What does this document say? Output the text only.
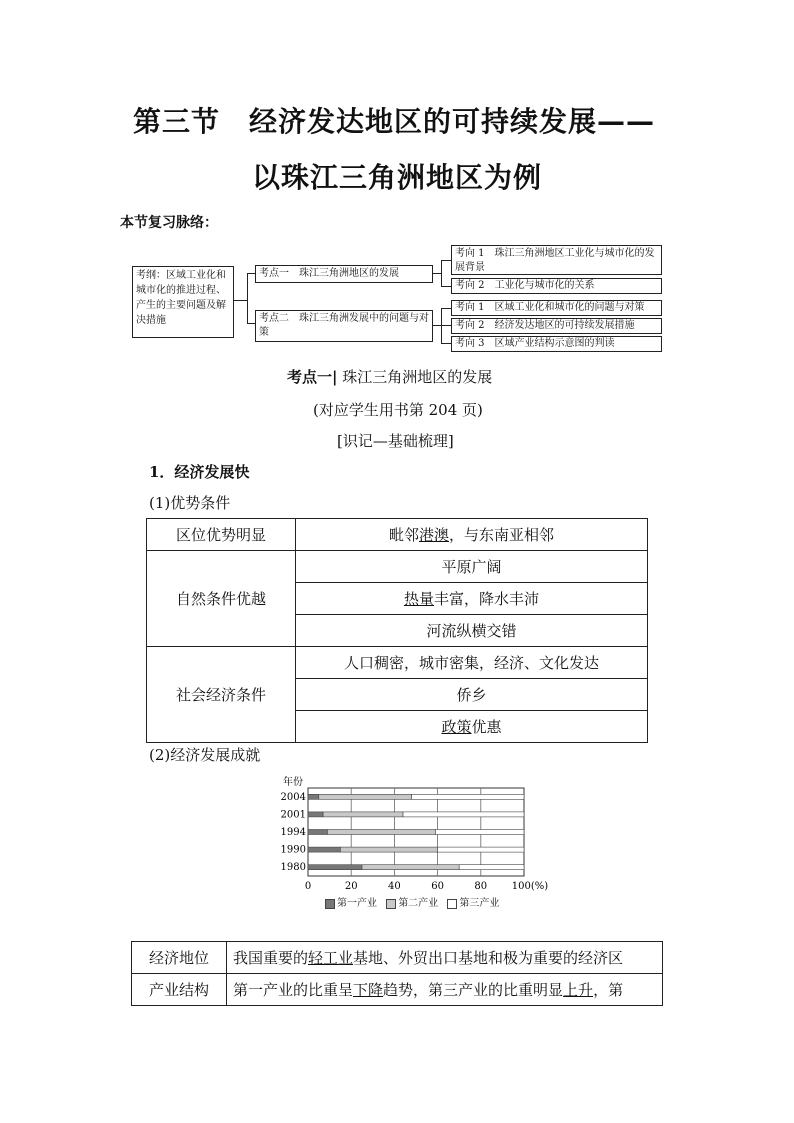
第三节　经济发达地区的可持续发展——
以珠江三角洲地区为例
本节复习脉络：
考纲：区域工业化和城市化的推进过程、产生的主要问题及解决措施
考点一　珠江三角洲地区的发展
考点二　珠江三角洲发展中的问题与对策
考向 1　珠江三角洲地区工业化与城市化的发展背景
考向 2　工业化与城市化的关系
考向 1　区域工业化和城市化的问题与对策
考向 2　经济发达地区的可持续发展措施
考向 3　区域产业结构示意图的判读
考点一| 珠江三角洲地区的发展
(对应学生用书第 204 页)
[识记—基础梳理]
1．经济发展快
(1)优势条件
区位优势明显	毗邻港澳，与东南亚相邻
自然条件优越	平原广阔
	热量丰富，降水丰沛
	河流纵横交错
社会经济条件	人口稠密，城市密集，经济、文化发达
	侨乡
	政策优惠
(2)经济发展成就
年份
0	20	40	60	80 100(%)
2004
2001
1994
1990
1980
第一产业 第二产业 第三产业
经济地位	我国重要的轻工业基地、外贸出口基地和极为重要的经济区
产业结构	第一产业的比重呈下降趋势，第三产业的比重明显上升，第
